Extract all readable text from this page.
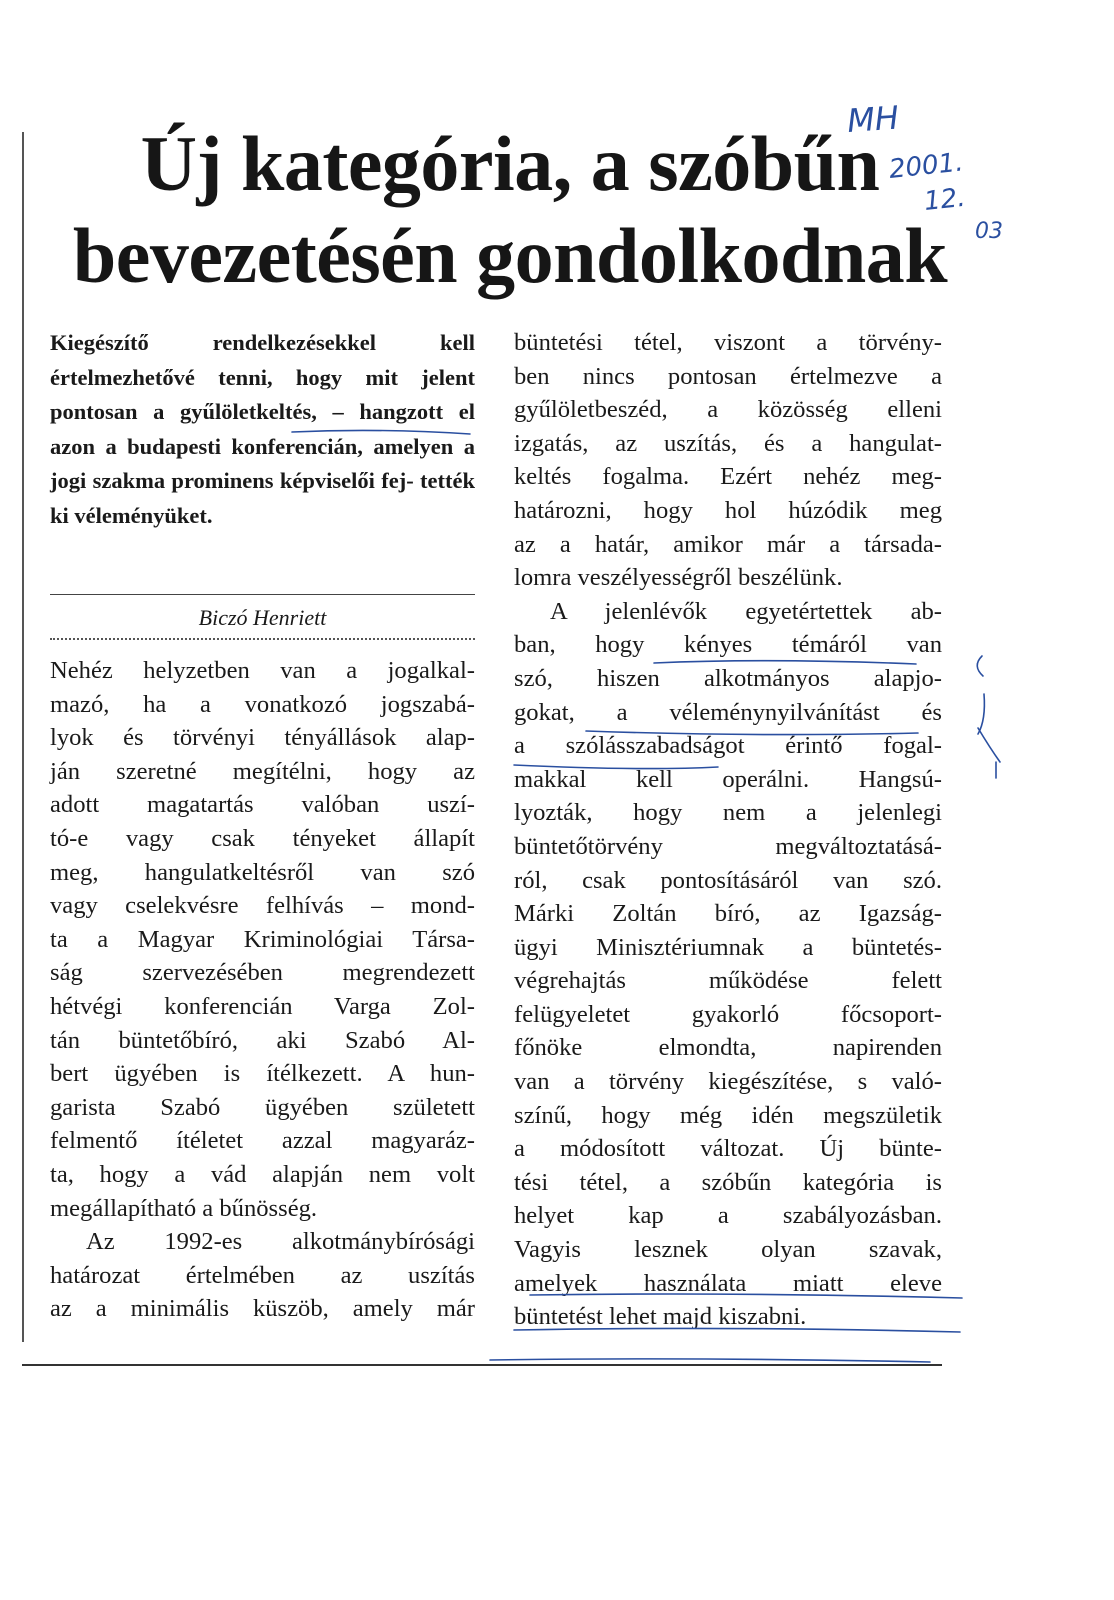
Új kategória, a szóbűn
bevezetésén gondolkodnak
Kiegészítő rendelkezésekkel kell értelmezhetővé tenni, hogy mit jelent pontosan a gyűlöletkeltés, – hangzott el azon a budapesti konferencián, amelyen a jogi szakma prominens képviselői fej- tették ki véleményüket.

Biczó Henriett

Nehéz helyzetben van a jogalkal-
mazó, ha a vonatkozó jogszabá-
lyok és törvényi tényállások alap-
ján szeretné megítélni, hogy az
adott magatartás valóban uszí-
tó-e vagy csak tényeket állapít
meg, hangulatkeltésről van szó
vagy cselekvésre felhívás – mond-
ta a Magyar Kriminológiai Társa-
ság szervezésében megrendezett
hétvégi konferencián Varga Zol-
tán büntetőbíró, aki Szabó Al-
bert ügyében is ítélkezett. A hun-
garista Szabó ügyében született
felmentő ítéletet azzal magyaráz-
ta, hogy a vád alapján nem volt
megállapítható a bűnösség.
Az 1992-es alkotmánybírósági
határozat értelmében az uszítás
az a minimális küszöb, amely már
büntetési tétel, viszont a törvény-
ben nincs pontosan értelmezve a
gyűlöletbeszéd, a közösség elleni
izgatás, az uszítás, és a hangulat-
keltés fogalma. Ezért nehéz meg-
határozni, hogy hol húzódik meg
az a határ, amikor már a társada-
lomra veszélyességről beszélünk.
A jelenlévők egyetértettek ab-
ban, hogy kényes témáról van
szó, hiszen alkotmányos alapjo-
gokat, a véleménynyilvánítást és
a szólásszabadságot érintő fogal-
makkal kell operálni. Hangsú-
lyozták, hogy nem a jelenlegi
büntetőtörvény megváltoztatásá-
ról, csak pontosításáról van szó.
Márki Zoltán bíró, az Igazság-
ügyi Minisztériumnak a büntetés-
végrehajtás működése felett
felügyeletet gyakorló főcsoport-
főnöke elmondta, napirenden
van a törvény kiegészítése, s való-
színű, hogy még idén megszületik
a módosított változat. Új bünte-
tési tétel, a szóbűn kategória is
helyet kap a szabályozásban.
Vagyis lesznek olyan szavak,
amelyek használata miatt eleve
büntetést lehet majd kiszabni.
MH
2001.
12.
03
